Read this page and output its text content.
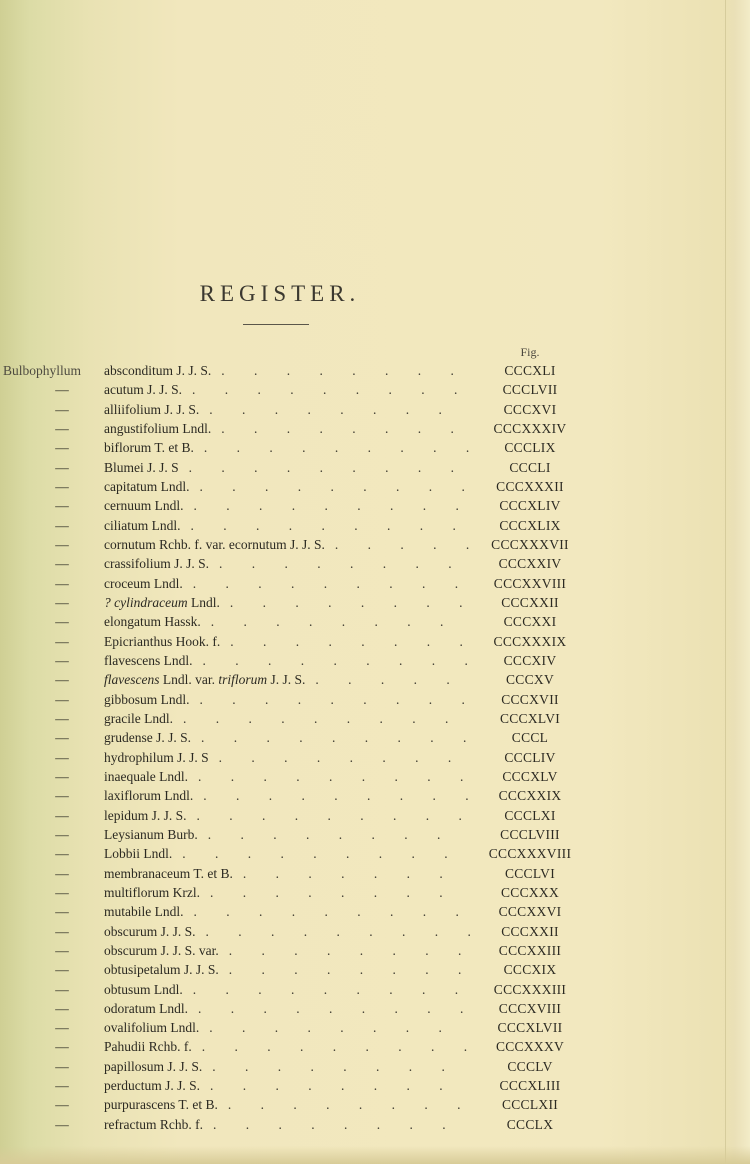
REGISTER.
Fig.
Bulbophyllum absconditum J. J. S. . . .	CCCXLI
—	acutum J. J. S. . . .	CCCLVII
—	alliifolium J. J. S. . . .	CCCXVI
—	angustifolium Lndl. . . .	CCCXXXIV
—	biflorum T. et B. . . .	CCCLIX
—	Blumei J. J. S . . .	CCCLI
—	capitatum Lndl. . . .	CCCXXXII
—	cernuum Lndl. . . .	CCCXLIV
—	ciliatum Lndl. . . .	CCCXLIX
—	cornutum Rchb. f. var. ecornutum J. J. S. . . .	CCCXXXVII
—	crassifolium J. J. S. . . .	CCCXXIV
—	croceum Lndl. . . .	CCCXXVIII
—	? cylindraceum Lndl. . . .	CCCXXII
—	elongatum Hassk. . . .	CCCXXI
—	Epicrianthus Hook. f. . . .	CCCXXXIX
—	flavescens Lndl. . . .	CCCXIV
—	flavescens Lndl. var. triflorum J. J. S. . . .	CCCXV
—	gibbosum Lndl. . . .	CCCXVII
—	gracile Lndl. . . .	CCCXLVI
—	grudense J. J. S. . . .	CCCL
—	hydrophilum J. J. S . . .	CCCLIV
—	inaequale Lndl. . . .	CCCXLV
—	laxiflorum Lndl. . . .	CCCXXIX
—	lepidum J. J. S. . . .	CCCLXI
—	Leysianum Burb. . . .	CCCLVIII
—	Lobbii Lndl. . . .	CCCXXXVIII
—	membranaceum T. et B. . . .	CCCLVI
—	multiflorum Krzl. . . .	CCCXXX
—	mutabile Lndl. . . .	CCCXXVI
—	obscurum J. J. S. . . .	CCCXXII
—	obscurum J. J. S. var. . . .	CCCXXIII
—	obtusipetalum J. J. S. . . .	CCCXIX
—	obtusum Lndl. . . .	CCCXXXIII
—	odoratum Lndl. . . .	CCCXVIII
—	ovalifolium Lndl. . . .	CCCXLVII
—	Pahudii Rchb. f. . . .	CCCXXXV
—	papillosum J. J. S. . . .	CCCLV
—	perductum J. J. S. . . .	CCCXLIII
—	purpurascens T. et B. . . .	CCCLXII
—	refractum Rchb. f. . . .	CCCLX
